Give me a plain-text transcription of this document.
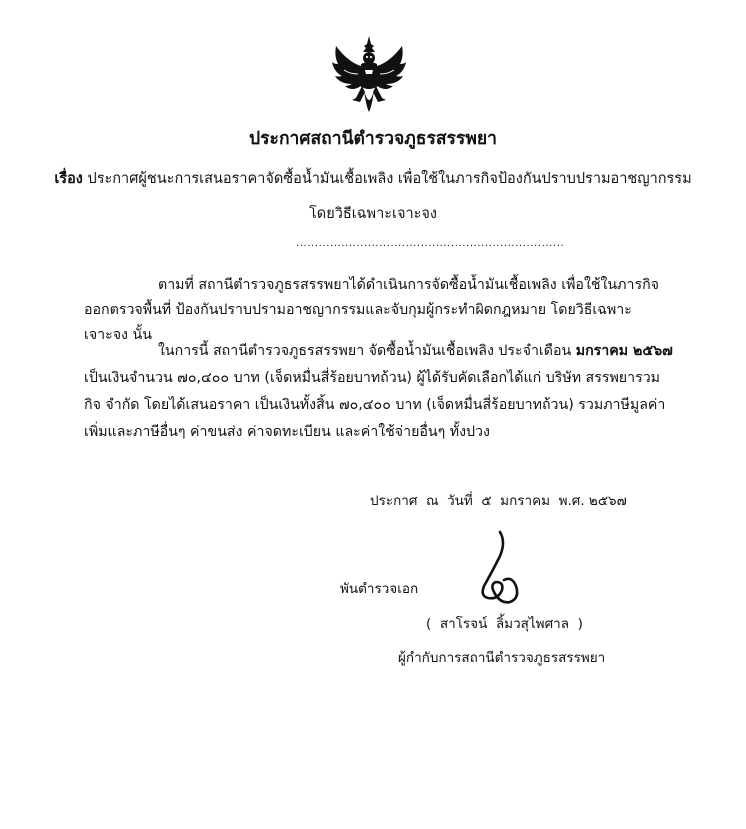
ประกาศสถานีตำรวจภูธรสรรพยา
เรื่อง ประกาศผู้ชนะการเสนอราคาจัดซื้อน้ำมันเชื้อเพลิง เพื่อใช้ในภารกิจป้องกันปราบปรามอาชญากรรม
โดยวิธีเฉพาะเจาะจง
.......................................................................
ตามที่ สถานีตำรวจภูธรสรรพยาได้ดำเนินการจัดซื้อน้ำมันเชื้อเพลิง เพื่อใช้ในภารกิจออกตรวจพื้นที่ ป้องกันปราบปรามอาชญากรรมและจับกุมผู้กระทำผิดกฎหมาย โดยวิธีเฉพาะเจาะจง นั้น
ในการนี้ สถานีตำรวจภูธรสรรพยา จัดซื้อน้ำมันเชื้อเพลิง ประจำเดือน มกราคม ๒๕๖๗ เป็นเงินจำนวน ๗๐,๔๐๐ บาท (เจ็ดหมื่นสี่ร้อยบาทถ้วน) ผู้ได้รับคัดเลือกได้แก่ บริษัท สรรพยารวมกิจ จำกัด โดยได้เสนอราคา เป็นเงินทั้งสิ้น ๗๐,๔๐๐ บาท (เจ็ดหมื่นสี่ร้อยบาทถ้วน) รวมภาษีมูลค่าเพิ่มและภาษีอื่นๆ ค่าขนส่ง ค่าจดทะเบียน และค่าใช้จ่ายอื่นๆ ทั้งปวง
ประกาศ  ณ  วันที่  ๕  มกราคม  พ.ศ. ๒๕๖๗
พันตำรวจเอก
(  สาโรจน์  ลิ้มวสุไพศาล  )
ผู้กำกับการสถานีตำรวจภูธรสรรพยา
